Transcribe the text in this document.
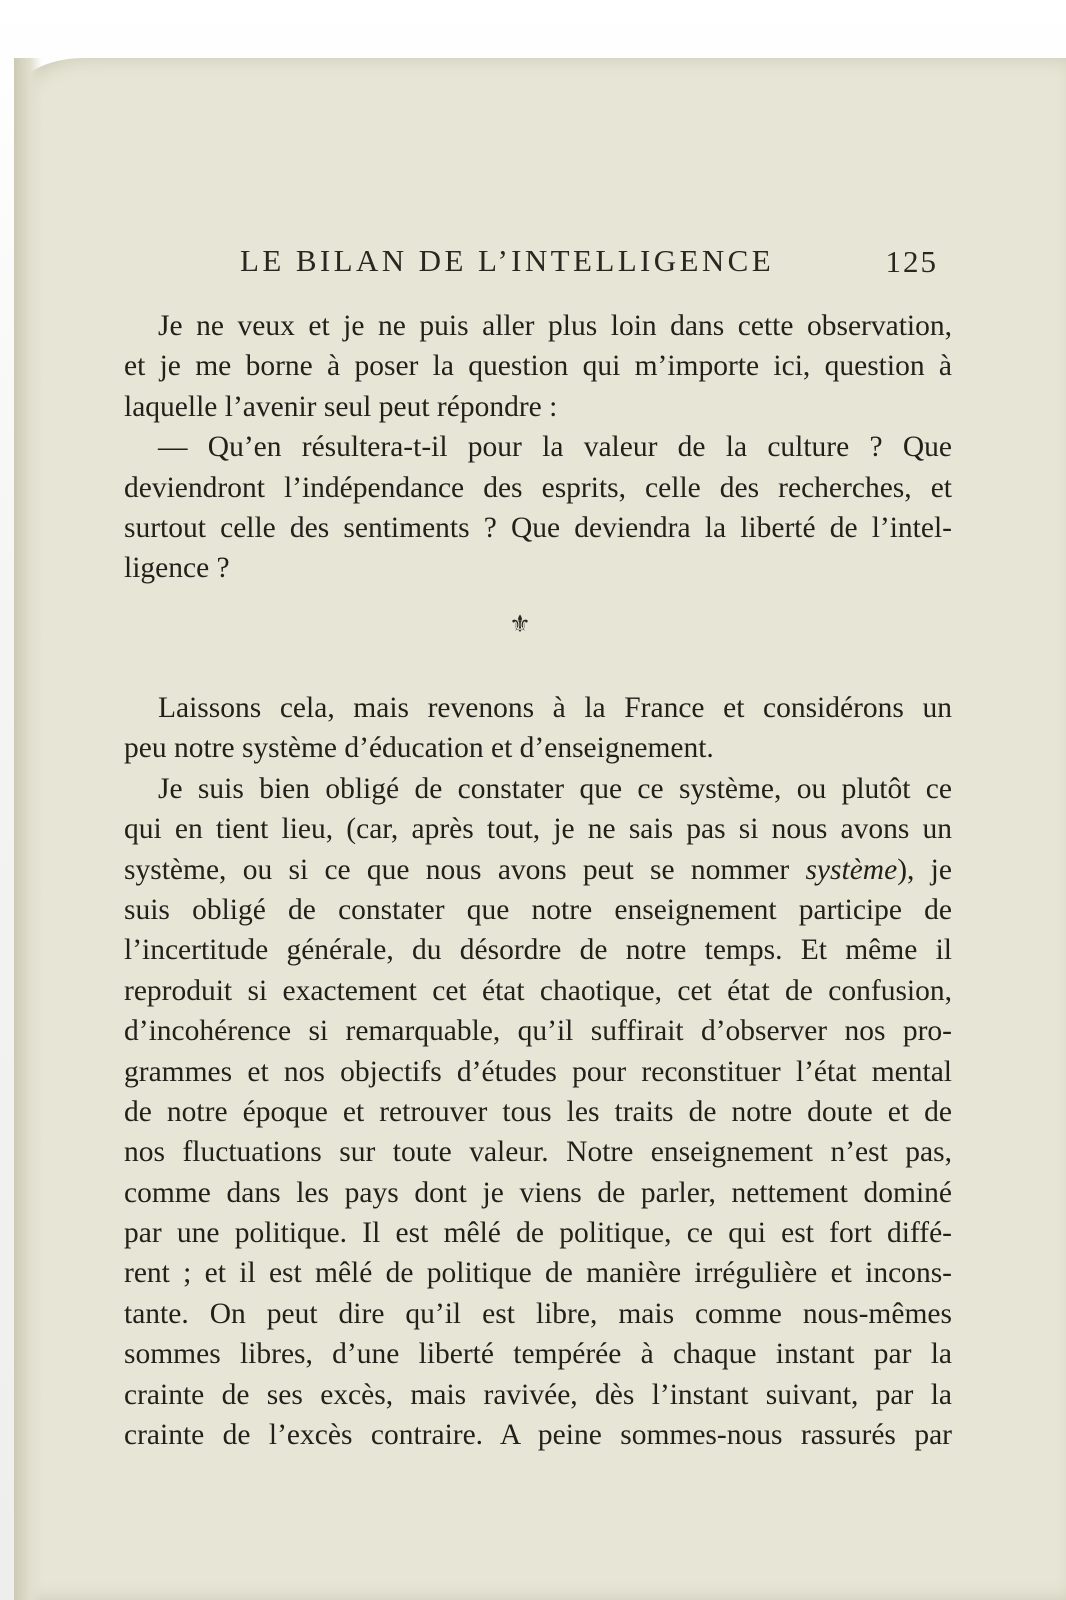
LE BILAN DE L’INTELLIGENCE	125
Je ne veux et je ne puis aller plus loin dans cette observation,
et je me borne à poser la question qui m’importe ici, question à
laquelle l’avenir seul peut répondre :
— Qu’en résultera-t-il pour la valeur de la culture ? Que
deviendront l’indépendance des esprits, celle des recherches, et
surtout celle des sentiments ? Que deviendra la liberté de l’intel-
ligence ?
⚜
Laissons cela, mais revenons à la France et considérons un
peu notre système d’éducation et d’enseignement.
Je suis bien obligé de constater que ce système, ou plutôt ce
qui en tient lieu, (car, après tout, je ne sais pas si nous avons un
système, ou si ce que nous avons peut se nommer système), je
suis obligé de constater que notre enseignement participe de
l’incertitude générale, du désordre de notre temps. Et même il
reproduit si exactement cet état chaotique, cet état de confusion,
d’incohérence si remarquable, qu’il suffirait d’observer nos pro-
grammes et nos objectifs d’études pour reconstituer l’état mental
de notre époque et retrouver tous les traits de notre doute et de
nos fluctuations sur toute valeur. Notre enseignement n’est pas,
comme dans les pays dont je viens de parler, nettement dominé
par une politique. Il est mêlé de politique, ce qui est fort diffé-
rent ; et il est mêlé de politique de manière irrégulière et incons-
tante. On peut dire qu’il est libre, mais comme nous-mêmes
sommes libres, d’une liberté tempérée à chaque instant par la
crainte de ses excès, mais ravivée, dès l’instant suivant, par la
crainte de l’excès contraire. A peine sommes-nous rassurés par
